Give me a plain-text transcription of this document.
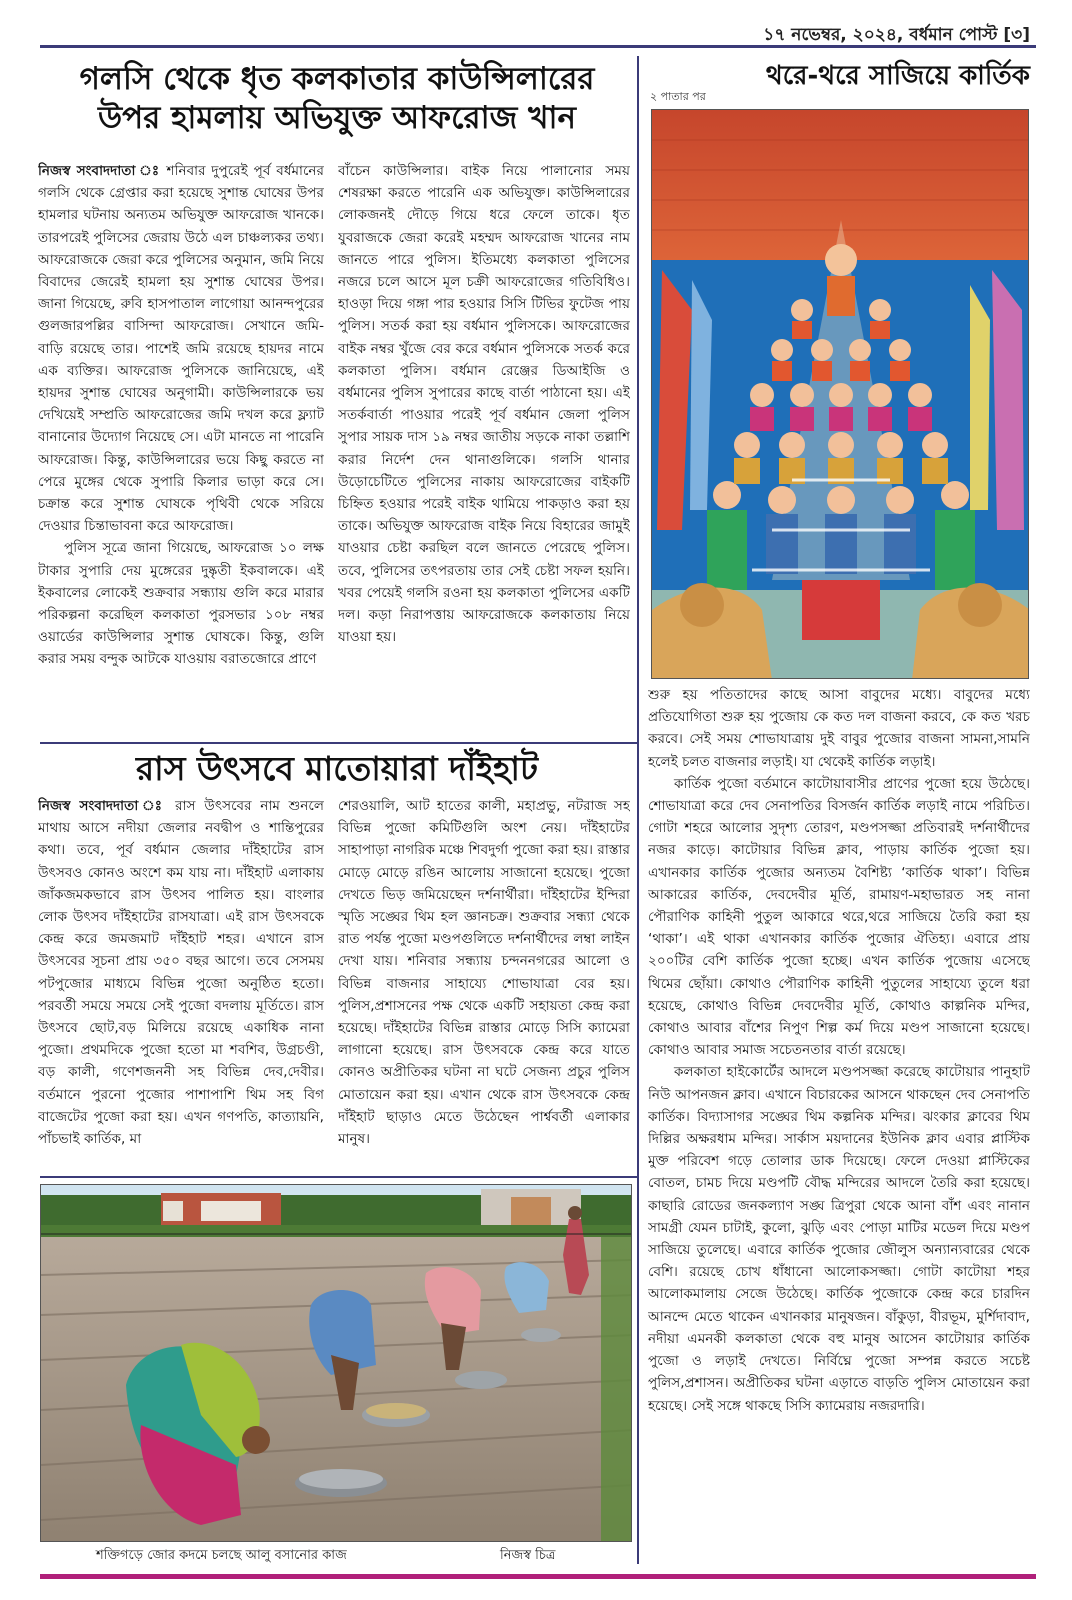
১৭ নভেম্বর, ২০২৪, বর্ধমান পোস্ট [৩]
গলসি থেকে ধৃত কলকাতার কাউন্সিলারের
উপর হামলায় অভিযুক্ত আফরোজ খান

নিজস্ব সংবাদদাতা ঃ শনিবার দুপুরেই পূর্ব বর্ধমানের গলসি থেকে গ্রেপ্তার করা হয়েছে সুশান্ত ঘোষের উপর হামলার ঘটনায় অন্যতম অভিযুক্ত আফরোজ খানকে। তারপরেই পুলিসের জেরায় উঠে এল চাঞ্চল্যকর তথ্য। আফরোজকে জেরা করে পুলিসের অনুমান, জমি নিয়ে বিবাদের জেরেই হামলা হয় সুশান্ত ঘোষের উপর। জানা গিয়েছে, রুবি হাসপাতাল লাগোয়া আনন্দপুরের গুলজারপল্লির বাসিন্দা আফরোজ। সেখানে জমি-বাড়ি রয়েছে তার। পাশেই জমি রয়েছে হায়দর নামে এক ব্যক্তির। আফরোজ পুলিসকে জানিয়েছে, এই হায়দর সুশান্ত ঘোষের অনুগামী। কাউন্সিলারকে ভয় দেখিয়েই সম্প্রতি আফরোজের জমি দখল করে ফ্ল্যাট বানানোর উদ্যোগ নিয়েছে সে। এটা মানতে না পারেনি আফরোজ। কিন্তু, কাউন্সিলারের ভয়ে কিছু করতে না পেরে মুঙ্গের থেকে সুপারি কিলার ভাড়া করে সে। চক্রান্ত করে সুশান্ত ঘোষকে পৃথিবী থেকে সরিয়ে দেওয়ার চিন্তাভাবনা করে আফরোজ।

পুলিস সূত্রে জানা গিয়েছে, আফরোজ ১০ লক্ষ টাকার সুপারি দেয় মুঙ্গেরের দুষ্কৃতী ইকবালকে। এই ইকবালের লোকেই শুক্রবার সন্ধ্যায় গুলি করে মারার পরিকল্পনা করেছিল কলকাতা পুরসভার ১০৮ নম্বর ওয়ার্ডের কাউন্সিলার সুশান্ত ঘোষকে। কিন্তু, গুলি করার সময় বন্দুক আটকে যাওয়ায় বরাতজোরে প্রাণে

বাঁচেন কাউন্সিলার। বাইক নিয়ে পালানোর সময় শেষরক্ষা করতে পারেনি এক অভিযুক্ত। কাউন্সিলারের লোকজনই দৌড়ে গিয়ে ধরে ফেলে তাকে। ধৃত যুবরাজকে জেরা করেই মহম্মদ আফরোজ খানের নাম জানতে পারে পুলিস। ইতিমধ্যে কলকাতা পুলিসের নজরে চলে আসে মূল চক্রী আফরোজের গতিবিধিও। হাওড়া দিয়ে গঙ্গা পার হওয়ার সিসি টিভির ফুটেজ পায় পুলিস। সতর্ক করা হয় বর্ধমান পুলিসকে। আফরোজের বাইক নম্বর খুঁজে বের করে বর্ধমান পুলিসকে সতর্ক করে কলকাতা পুলিস। বর্ধমান রেঞ্জের ডিআইজি ও বর্ধমানের পুলিস সুপারের কাছে বার্তা পাঠানো হয়। এই সতর্কবার্তা পাওয়ার পরেই পূর্ব বর্ধমান জেলা পুলিস সুপার সায়ক দাস ১৯ নম্বর জাতীয় সড়কে নাকা তল্লাশি করার নির্দেশ দেন থানাগুলিকে। গলসি থানার উড়োচেটিতে পুলিসের নাকায় আফরোজের বাইকটি চিহ্নিত হওয়ার পরেই বাইক থামিয়ে পাকড়াও করা হয় তাকে। অভিযুক্ত আফরোজ বাইক নিয়ে বিহারের জামুই যাওয়ার চেষ্টা করছিল বলে জানতে পেরেছে পুলিস। তবে, পুলিসের তৎপরতায় তার সেই চেষ্টা সফল হয়নি। খবর পেয়েই গলসি রওনা হয় কলকাতা পুলিসের একটি দল। কড়া নিরাপত্তায় আফরোজকে কলকাতায় নিয়ে যাওয়া হয়।

রাস উৎসবে মাতোয়ারা দাঁইহাট

নিজস্ব সংবাদদাতা ঃ রাস উৎসবের নাম শুনলে মাথায় আসে নদীয়া জেলার নবদ্বীপ ও শান্তিপুরের কথা। তবে, পূর্ব বর্ধমান জেলার দাঁইহাটের রাস উৎসবও কোনও অংশে কম যায় না। দাঁইহাট এলাকায় জাঁকজমকভাবে রাস উৎসব পালিত হয়। বাংলার লোক উৎসব দাঁইহাটের রাসযাত্রা। এই রাস উৎসবকে কেন্দ্র করে জমজমাট দাঁইহাট শহর। এখানে রাস উৎসবের সূচনা প্রায় ৩৫০ বছর আগে। তবে সেসময় পটপুজোর মাধ্যমে বিভিন্ন পুজো অনুষ্ঠিত হতো। পরবর্তী সময়ে সময়ে সেই পুজো বদলায় মূর্তিতে। রাস উৎসবে ছোট,বড় মিলিয়ে রয়েছে একাধিক নানা পুজো। প্রথমদিকে পুজো হতো মা শবশিব, উগ্রচণ্ডী, বড় কালী, গণেশজননী সহ বিভিন্ন দেব,দেবীর। বর্তমানে পুরনো পুজোর পাশাপাশি থিম সহ বিগ বাজেটের পুজো করা হয়। এখন গণপতি, কাত্যায়নি, পাঁচভাই কার্তিক, মা

শেরওয়ালি, আট হাতের কালী, মহাপ্রভু, নটরাজ সহ বিভিন্ন পুজো কমিটিগুলি অংশ নেয়। দাঁইহাটের সাহাপাড়া নাগরিক মঞ্চে শিবদুর্গা পুজো করা হয়। রাস্তার মোড়ে মোড়ে রঙিন আলোয় সাজানো হয়েছে। পুজো দেখতে ভিড় জমিয়েছেন দর্শনার্থীরা। দাঁইহাটের ইন্দিরা স্মৃতি সঙ্ঘের থিম হল জ্ঞানচক্র। শুক্রবার সন্ধ্যা থেকে রাত পর্যন্ত পুজো মণ্ডপগুলিতে দর্শনার্থীদের লম্বা লাইন দেখা যায়। শনিবার সন্ধ্যায় চন্দননগরের আলো ও বিভিন্ন বাজনার সাহায্যে শোভাযাত্রা বের হয়। পুলিস,প্রশাসনের পক্ষ থেকে একটি সহায়তা কেন্দ্র করা হয়েছে। দাঁইহাটের বিভিন্ন রাস্তার মোড়ে সিসি ক্যামেরা লাগানো হয়েছে। রাস উৎসবকে কেন্দ্র করে যাতে কোনও অপ্রীতিকর ঘটনা না ঘটে সেজন্য প্রচুর পুলিস মোতায়েন করা হয়। এখান থেকে রাস উৎসবকে কেন্দ্র দাঁইহাট ছাড়াও মেতে উঠেছেন পার্শ্ববর্তী এলাকার মানুষ।

শক্তিগড়ে জোর কদমে চলছে আলু বসানোর কাজ	নিজস্ব চিত্র
২ পাতার পর
থরে-থরে সাজিয়ে কার্তিক

শুরু হয় পতিতাদের কাছে আসা বাবুদের মধ্যে। বাবুদের মধ্যে প্রতিযোগিতা শুরু হয় পুজোয় কে কত দল বাজনা করবে, কে কত খরচ করবে। সেই সময় শোভাযাত্রায় দুই বাবুর পুজোর বাজনা সামনা,সামনি হলেই চলত বাজনার লড়াই। যা থেকেই কার্তিক লড়াই।

কার্তিক পুজো বর্তমানে কাটোয়াবাসীর প্রাণের পুজো হয়ে উঠেছে। শোভাযাত্রা করে দেব সেনাপতির বিসর্জন কার্তিক লড়াই নামে পরিচিত। গোটা শহরে আলোর সুদৃশ্য তোরণ, মণ্ডপসজ্জা প্রতিবারই দর্শনার্থীদের নজর কাড়ে। কাটোয়ার বিভিন্ন ক্লাব, পাড়ায় কার্তিক পুজো হয়। এখানকার কার্তিক পুজোর অন্যতম বৈশিষ্ট্য ‘কার্তিক থাকা’। বিভিন্ন আকারের কার্তিক, দেবদেবীর মূর্তি, রামায়ণ-মহাভারত সহ নানা পৌরাণিক কাহিনী পুতুল আকারে থরে,থরে সাজিয়ে তৈরি করা হয় ‘থাকা’। এই থাকা এখানকার কার্তিক পুজোর ঐতিহ্য। এবারে প্রায় ২০০টির বেশি কার্তিক পুজো হচ্ছে। এখন কার্তিক পুজোয় এসেছে থিমের ছোঁয়া। কোথাও পৌরাণিক কাহিনী পুতুলের সাহায্যে তুলে ধরা হয়েছে, কোথাও বিভিন্ন দেবদেবীর মূর্তি, কোথাও কাল্পনিক মন্দির, কোথাও আবার বাঁশের নিপুণ শিল্প কর্ম দিয়ে মণ্ডপ সাজানো হয়েছে। কোথাও আবার সমাজ সচেতনতার বার্তা রয়েছে।

কলকাতা হাইকোর্টের আদলে মণ্ডপসজ্জা করেছে কাটোয়ার পানুহাট নিউ আপনজন ক্লাব। এখানে বিচারকের আসনে থাকছেন দেব সেনাপতি কার্তিক। বিদ্যাসাগর সঙ্ঘের থিম কল্পনিক মন্দির। ঝংকার ক্লাবের থিম দিল্লির অক্ষরধাম মন্দির। সার্কাস ময়দানের ইউনিক ক্লাব এবার প্লাস্টিক মুক্ত পরিবেশ গড়ে তোলার ডাক দিয়েছে। ফেলে দেওয়া প্লাস্টিকের বোতল, চামচ দিয়ে মণ্ডপটি বৌদ্ধ মন্দিরের আদলে তৈরি করা হয়েছে। কাছারি রোডের জনকল্যাণ সঙ্ঘ ত্রিপুরা থেকে আনা বাঁশ এবং নানান সামগ্রী যেমন চাটাই, কুলো, ঝুড়ি এবং পোড়া মাটির মডেল দিয়ে মণ্ডপ সাজিয়ে তুলেছে। এবারে কার্তিক পুজোর জৌলুস অন্যান্যবারের থেকে বেশি। রয়েছে চোখ ধাঁধানো আলোকসজ্জা। গোটা কাটোয়া শহর আলোকমালায় সেজে উঠেছে। কার্তিক পুজোকে কেন্দ্র করে চারদিন আনন্দে মেতে থাকেন এখানকার মানুষজন। বাঁকুড়া, বীরভূম, মুর্শিদাবাদ, নদীয়া এমনকী কলকাতা থেকে বহু মানুষ আসেন কাটোয়ার কার্তিক পুজো ও লড়াই দেখতে। নির্বিঘ্নে পুজো সম্পন্ন করতে সচেষ্ট পুলিস,প্রশাসন। অপ্রীতিকর ঘটনা এড়াতে বাড়তি পুলিস মোতায়েন করা হয়েছে। সেই সঙ্গে থাকছে সিসি ক্যামেরায় নজরদারি।
